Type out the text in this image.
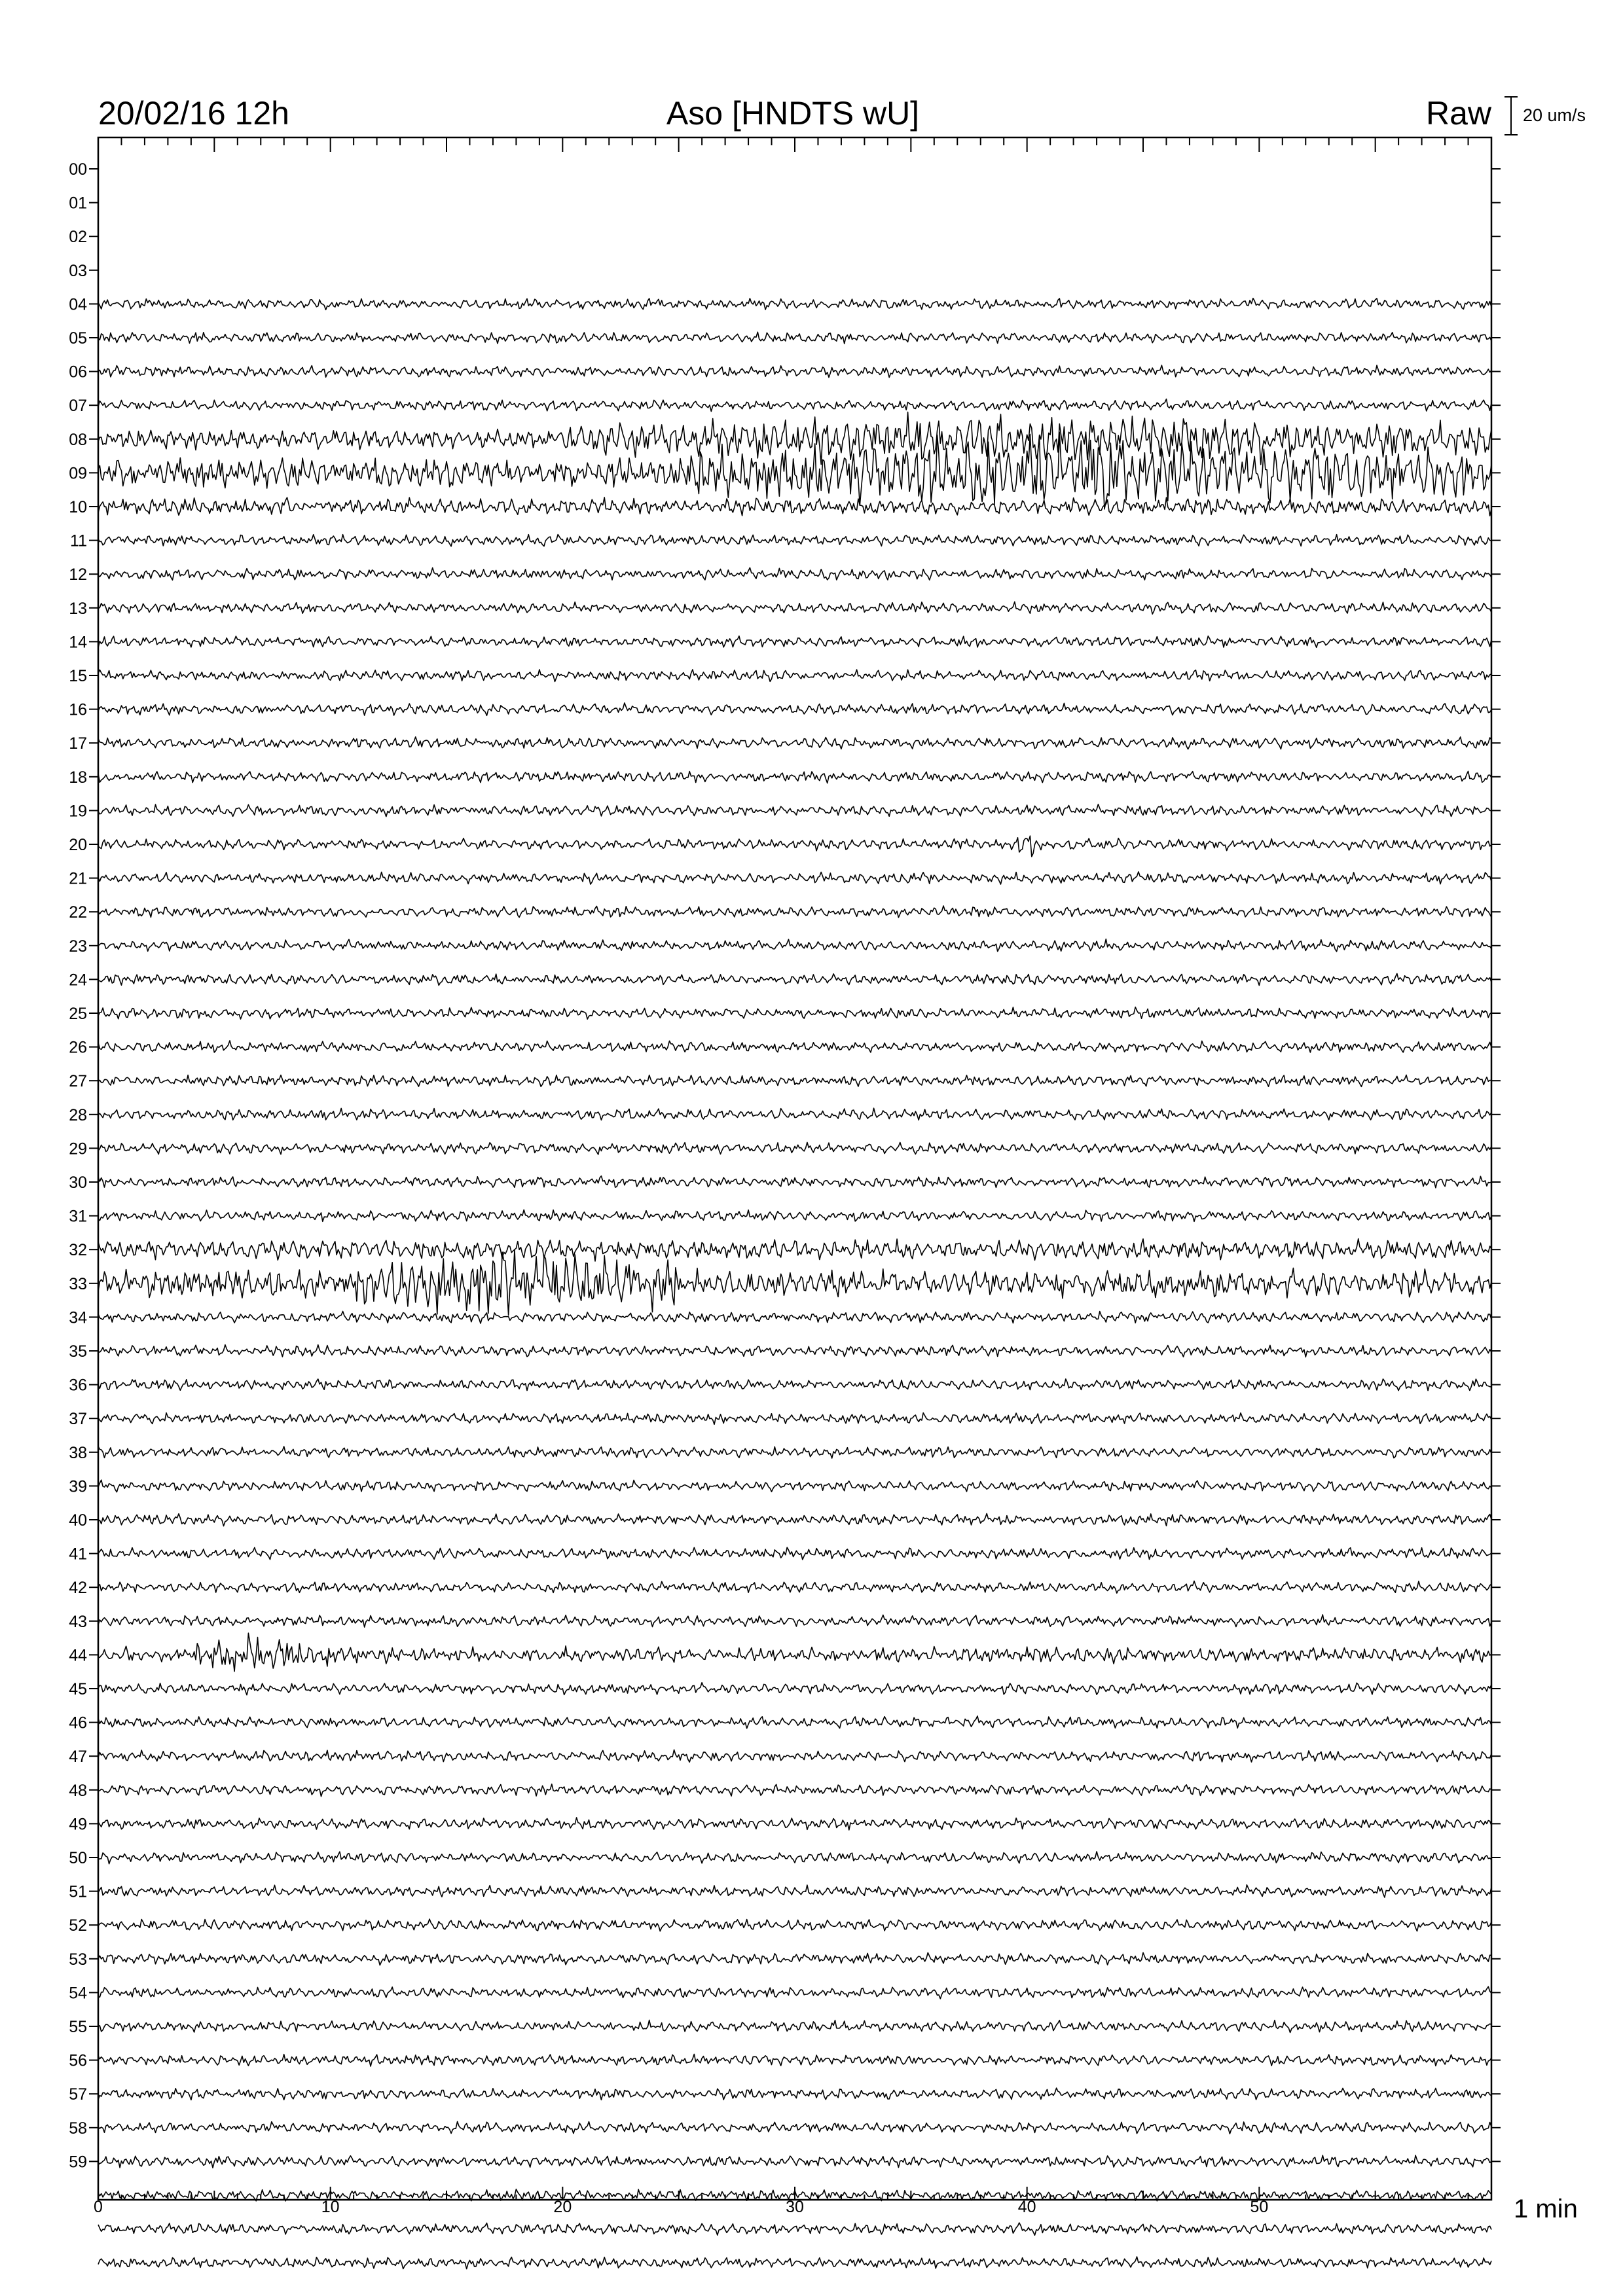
20/02/16 12h	Aso [HNDTS wU]	Raw 20 um/s
00
01
02
03
04
05
06
07
08
09
10
11
12
13
14
15
16
17
18
19
20
21
22
23
24
25
26
27
28
29
30
31
32
33
34
35
36
37
38
39
40
41
42
43
44
45
46
47
48
49
50
51
52
53
54
55
56
57
58
59
0	10	20	30	40	50	1 min
